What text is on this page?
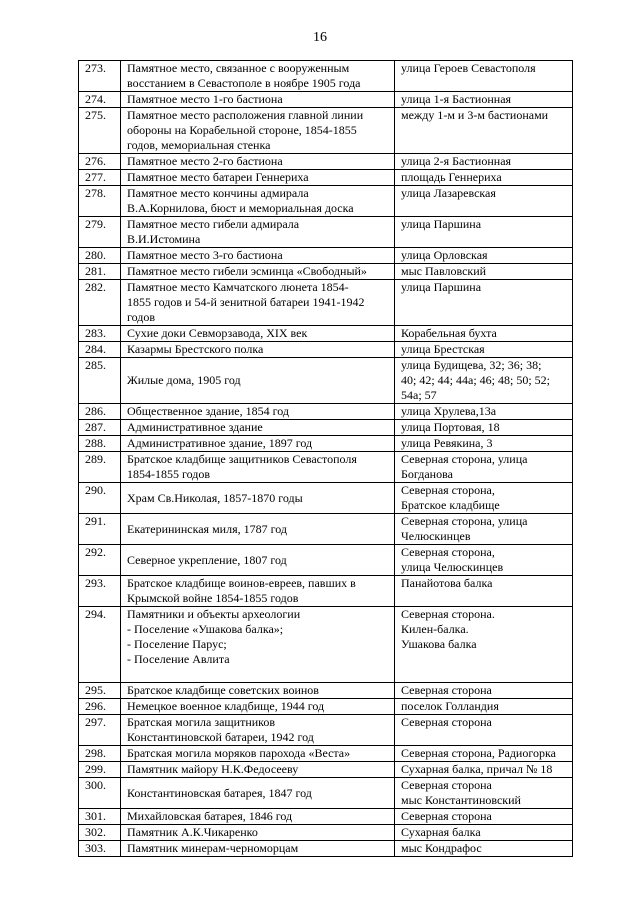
16
273.	Памятное место, связанное с вооруженным
восстанием в Севастополе в ноябре 1905 года	улица Героев Севастополя

274.	Памятное место 1-го бастиона	улица 1-я Бастионная

275.	Памятное место расположения главной линии
обороны на Корабельной стороне, 1854-1855
годов, мемориальная стенка	между 1-м и 3-м бастионами

276.	Памятное место 2-го бастиона	улица 2-я Бастионная

277.	Памятное место батареи Геннериха	площадь Геннериха

278.	Памятное место кончины адмирала
В.А.Корнилова, бюст и мемориальная доска	улица Лазаревская

279.	Памятное место гибели адмирала
В.И.Истомина	улица Паршина

280.	Памятное место 3-го бастиона	улица Орловская

281.	Памятное место гибели эсминца «Свободный»	мыс Павловский

282.	Памятное место Камчатского люнета 1854-
1855 годов и 54-й зенитной батареи 1941-1942
годов	улица Паршина

283.	Сухие доки Севморзавода, XIX век	Корабельная бухта

284.	Казармы Брестского полка	улица Брестская

285.	Жилые дома, 1905 год	улица Будищева, 32; 36; 38;
40; 42; 44; 44а; 46; 48; 50; 52;
54а; 57

286.	Общественное здание, 1854 год	улица Хрулева,13а

287.	Административное здание	улица Портовая, 18

288.	Административное здание, 1897 год	улица Ревякина, 3

289.	Братское кладбище защитников Севастополя
1854-1855 годов	Северная сторона, улица
Богданова

290.	Храм Св.Николая, 1857-1870 годы	Северная сторона,
Братское кладбище

291.	Екатерининская миля, 1787 год	Северная сторона, улица
Челюскинцев

292.	Северное укрепление, 1807 год	Северная сторона,
улица Челюскинцев

293.	Братское кладбище воинов-евреев, павших в
Крымской войне 1854-1855 годов	Панайотова балка

294.	Памятники и объекты археологии
- Поселение «Ушакова балка»;
- Поселение Парус;
- Поселение Авлита	Северная сторона.
Килен-балка.
Ушакова балка

295.	Братское кладбище советских воинов	Северная сторона

296.	Немецкое военное кладбище, 1944 год	поселок Голландия

297.	Братская могила защитников
Константиновской батареи, 1942 год	Северная сторона

298.	Братская могила моряков парохода «Веста»	Северная сторона, Радиогорка

299.	Памятник майору Н.К.Федосееву	Сухарная балка, причал № 18

300.	Константиновская батарея, 1847 год	Северная сторона
мыс Константиновский

301.	Михайловская батарея, 1846 год	Северная сторона

302.	Памятник А.К.Чикаренко	Сухарная балка

303.	Памятник минерам-черноморцам	мыс Кондрафос
